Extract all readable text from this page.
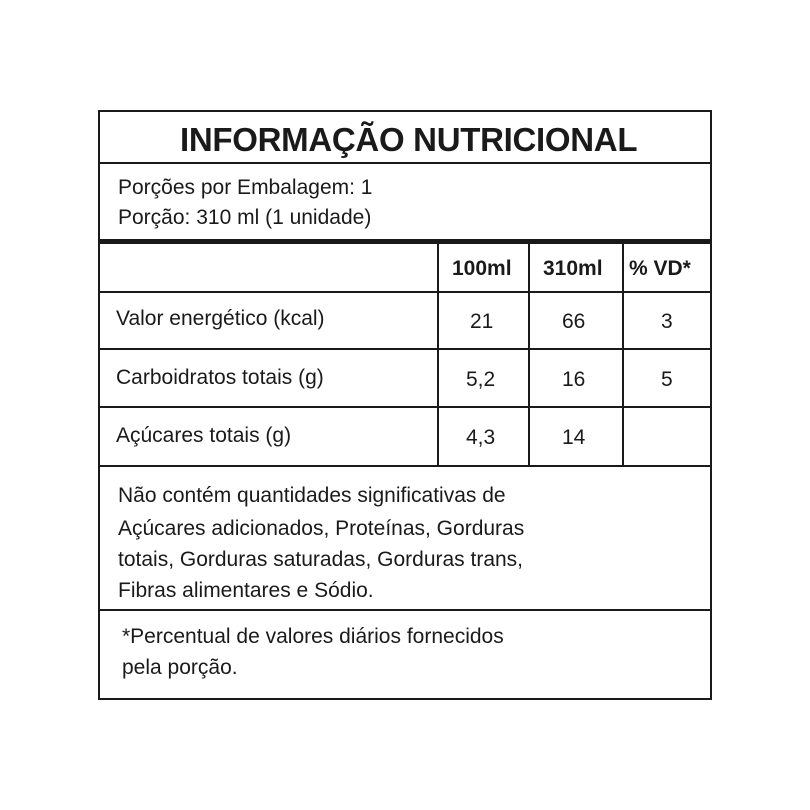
INFORMAÇÃO NUTRICIONAL
Porções por Embalagem: 1
Porção: 310 ml (1 unidade)
100ml 310ml % VD*
Valor energético (kcal)	21	66	3
Carboidratos totais (g)	5,2	16	5
Açúcares totais (g)	4,3	14
Não contém quantidades significativas de
Açúcares adicionados, Proteínas, Gorduras
totais, Gorduras saturadas, Gorduras trans,
Fibras alimentares e Sódio.
*Percentual de valores diários fornecidos
pela porção.
